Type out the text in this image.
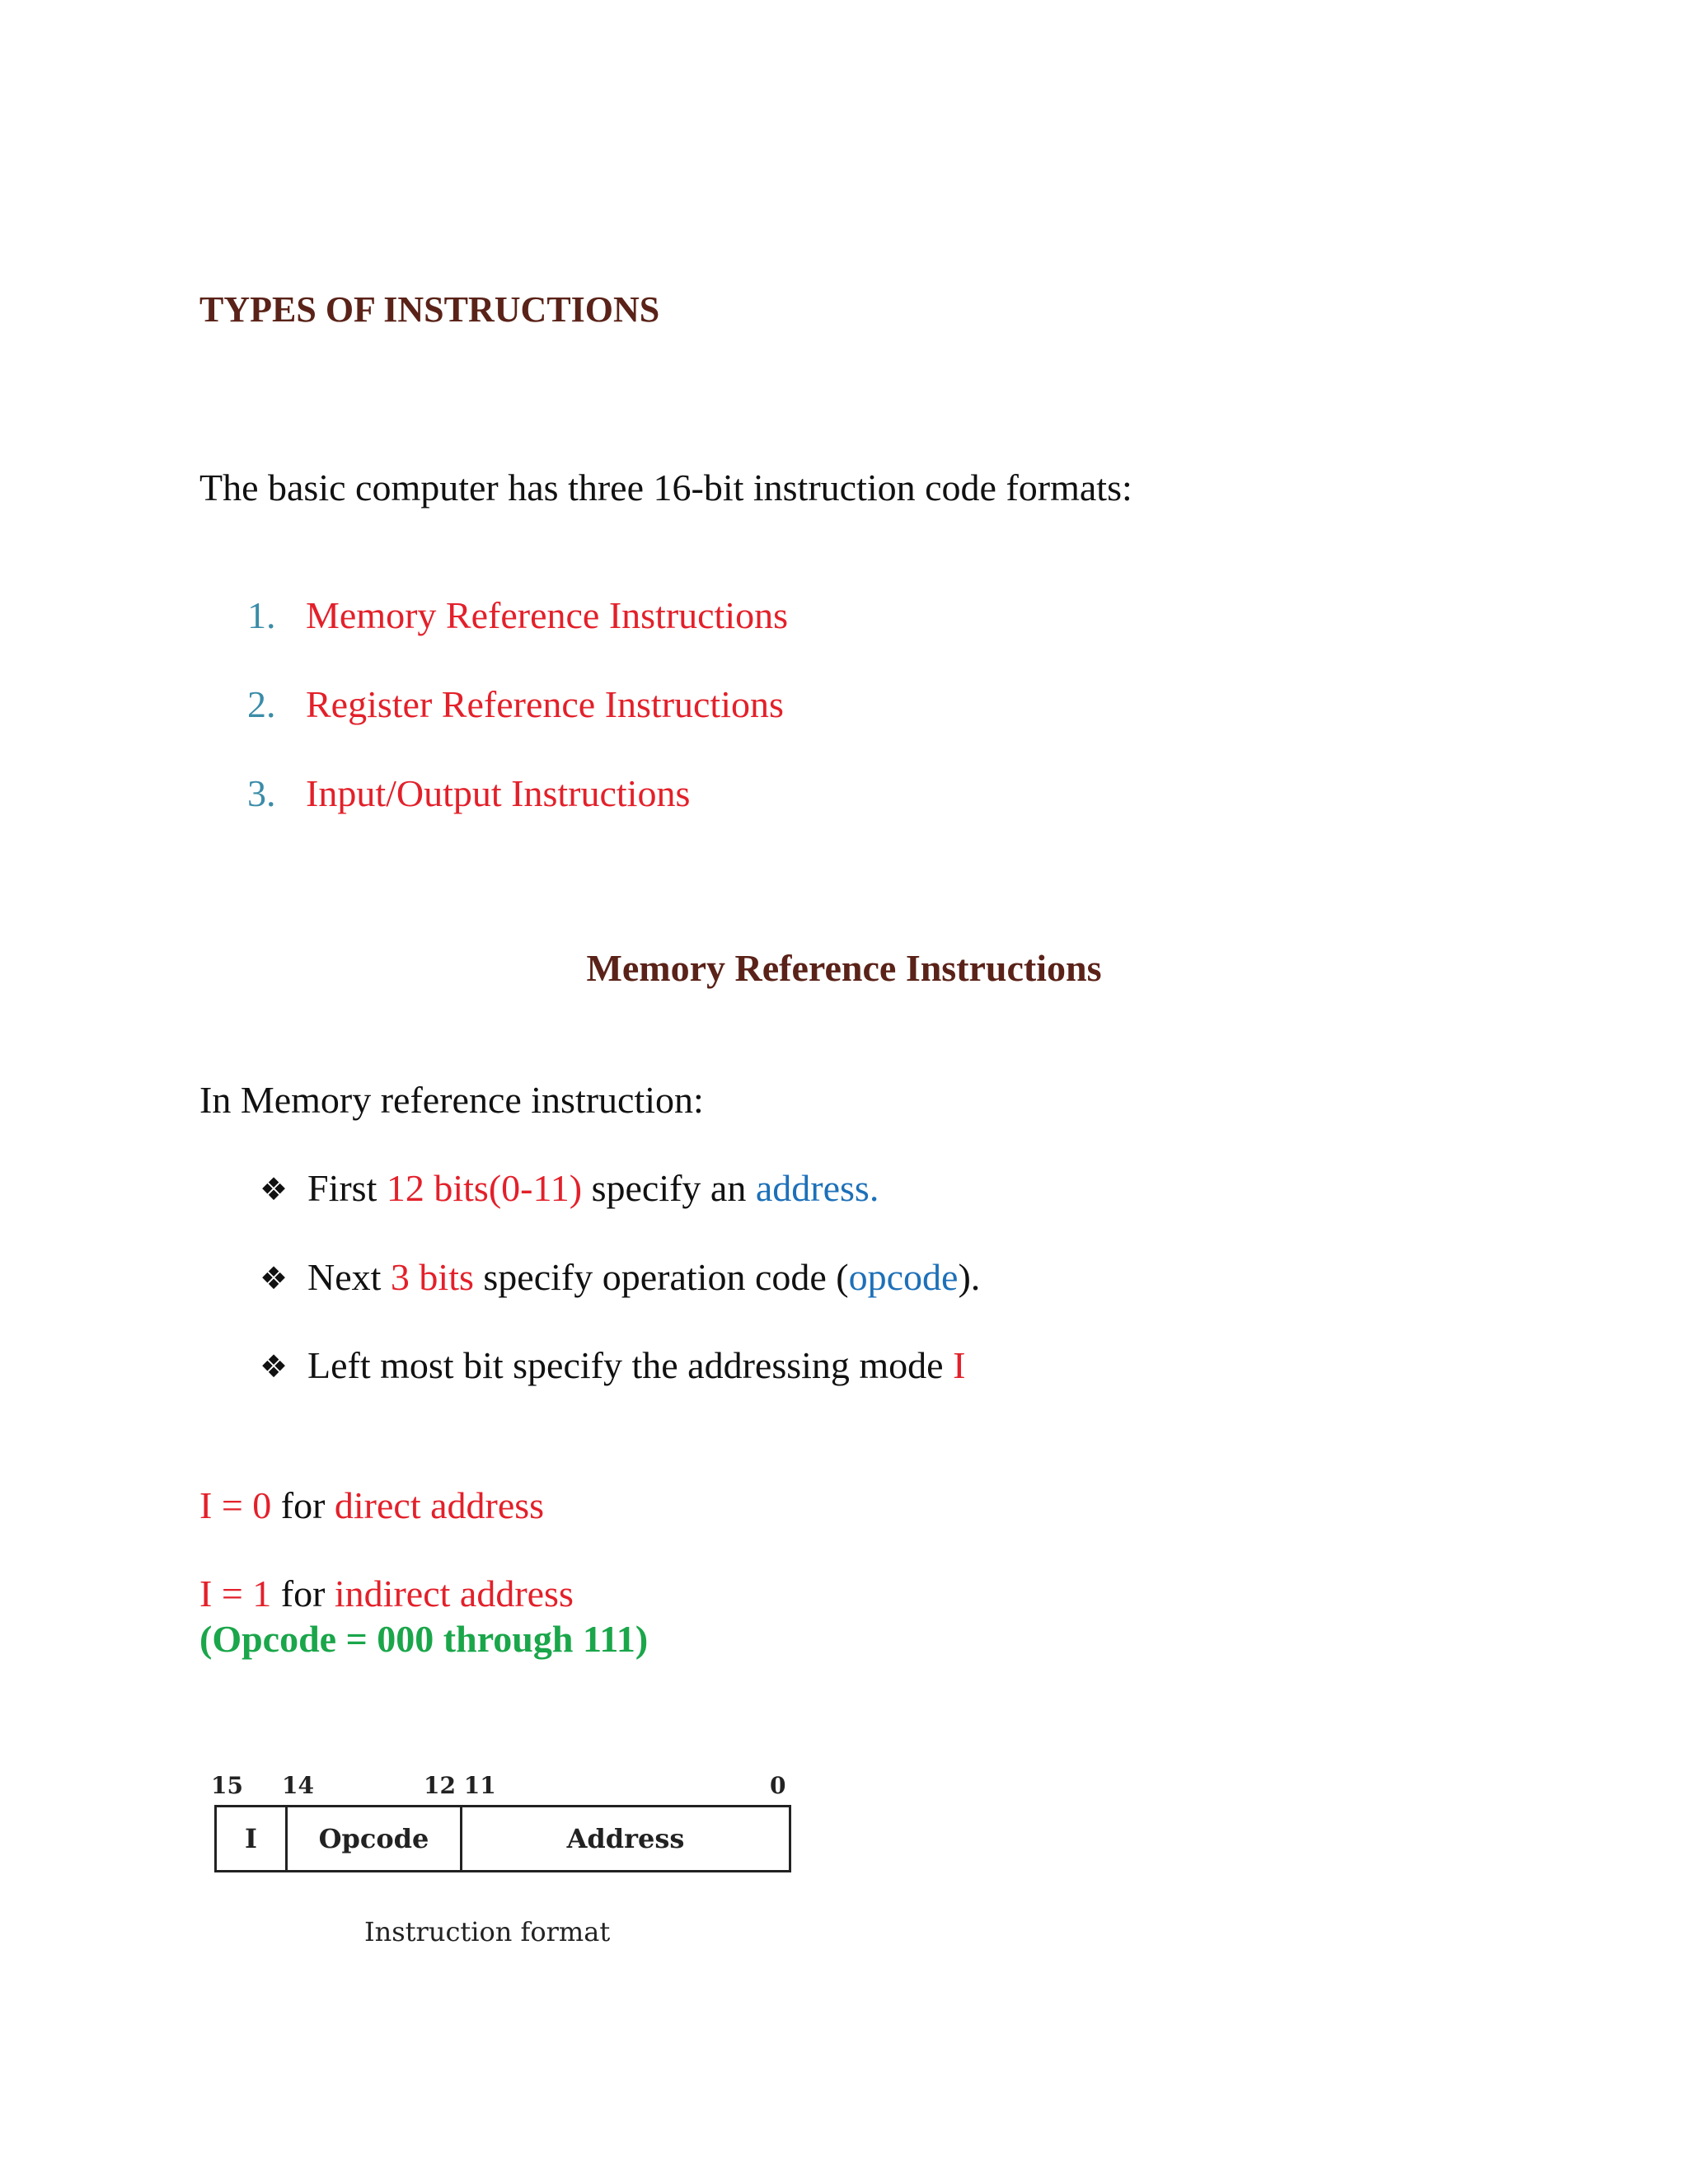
TYPES OF INSTRUCTIONS
The basic computer has three 16-bit instruction code formats:
1. Memory Reference Instructions
2. Register Reference Instructions
3. Input/Output Instructions
Memory Reference Instructions
In Memory reference instruction:
❖ First 12 bits(0-11) specify an address.
❖ Next 3 bits specify operation code (opcode).
❖ Left most bit specify the addressing mode I
I = 0 for direct address
I = 1 for indirect address
(Opcode = 000 through 111)
15 14	12 11	0
I	Opcode	Address
Instruction format
